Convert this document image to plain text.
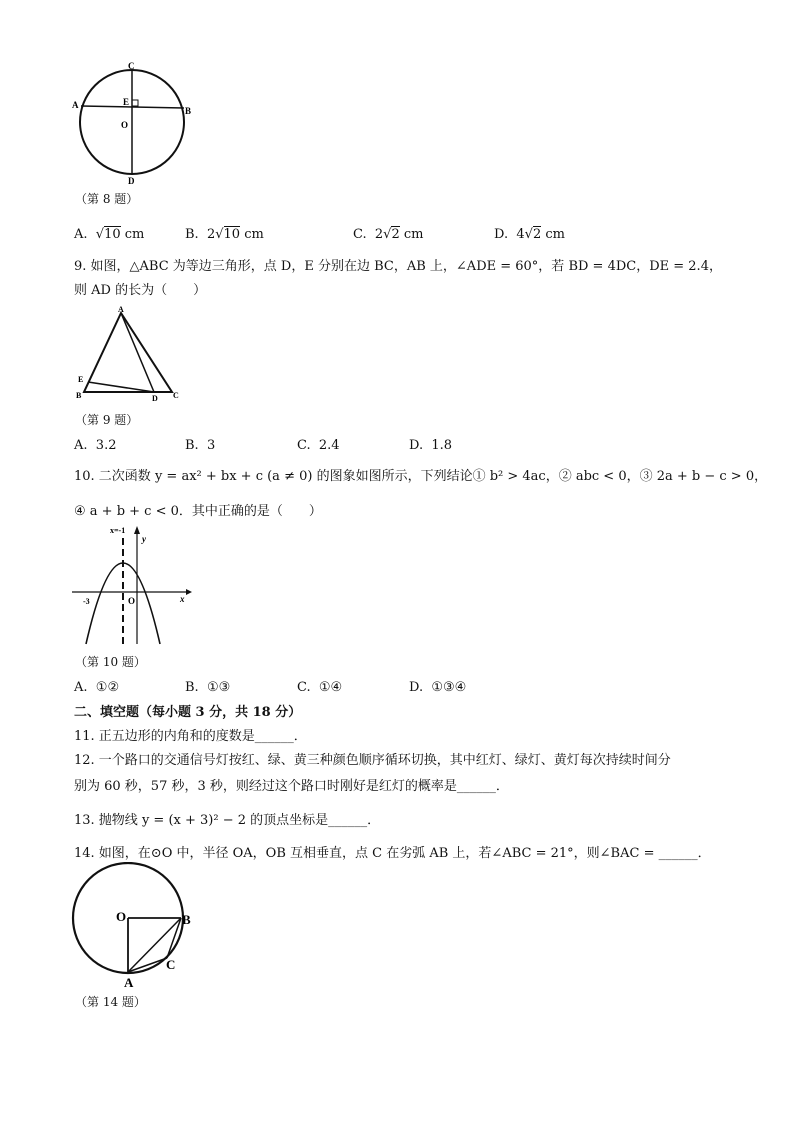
C
A
B
E
O
D
（第 8 题）
A. √10 cm	B. 2√10 cm	C. 2√2 cm	D. 4√2 cm
9. 如图，△ABC 为等边三角形，点 D，E 分别在边 BC，AB 上，∠ADE = 60°，若 BD = 4DC，DE = 2.4，
则 AD 的长为（　　）
A
E
B	D C
（第 9 题）
A. 3.2	B. 3	C. 2.4	D. 1.8
10. 二次函数 y = ax² + bx + c (a ≠ 0) 的图象如图所示，下列结论① b² > 4ac，② abc < 0，③ 2a + b − c > 0，
④ a + b + c < 0．其中正确的是（　　）
x=-1
y
-3	O	x
（第 10 题）
A. ①②	B. ①③	C. ①④	D. ①③④
二、填空题（每小题 3 分，共 18 分）
11. 正五边形的内角和的度数是______．
12. 一个路口的交通信号灯按红、绿、黄三种颜色顺序循环切换，其中红灯、绿灯、黄灯每次持续时间分
别为 60 秒，57 秒，3 秒，则经过这个路口时刚好是红灯的概率是______．
13. 抛物线 y = (x + 3)² − 2 的顶点坐标是______．
14. 如图，在⊙O 中，半径 OA，OB 互相垂直，点 C 在劣弧 AB 上，若∠ABC = 21°，则∠BAC = ______．
O	B
C
A
（第 14 题）
